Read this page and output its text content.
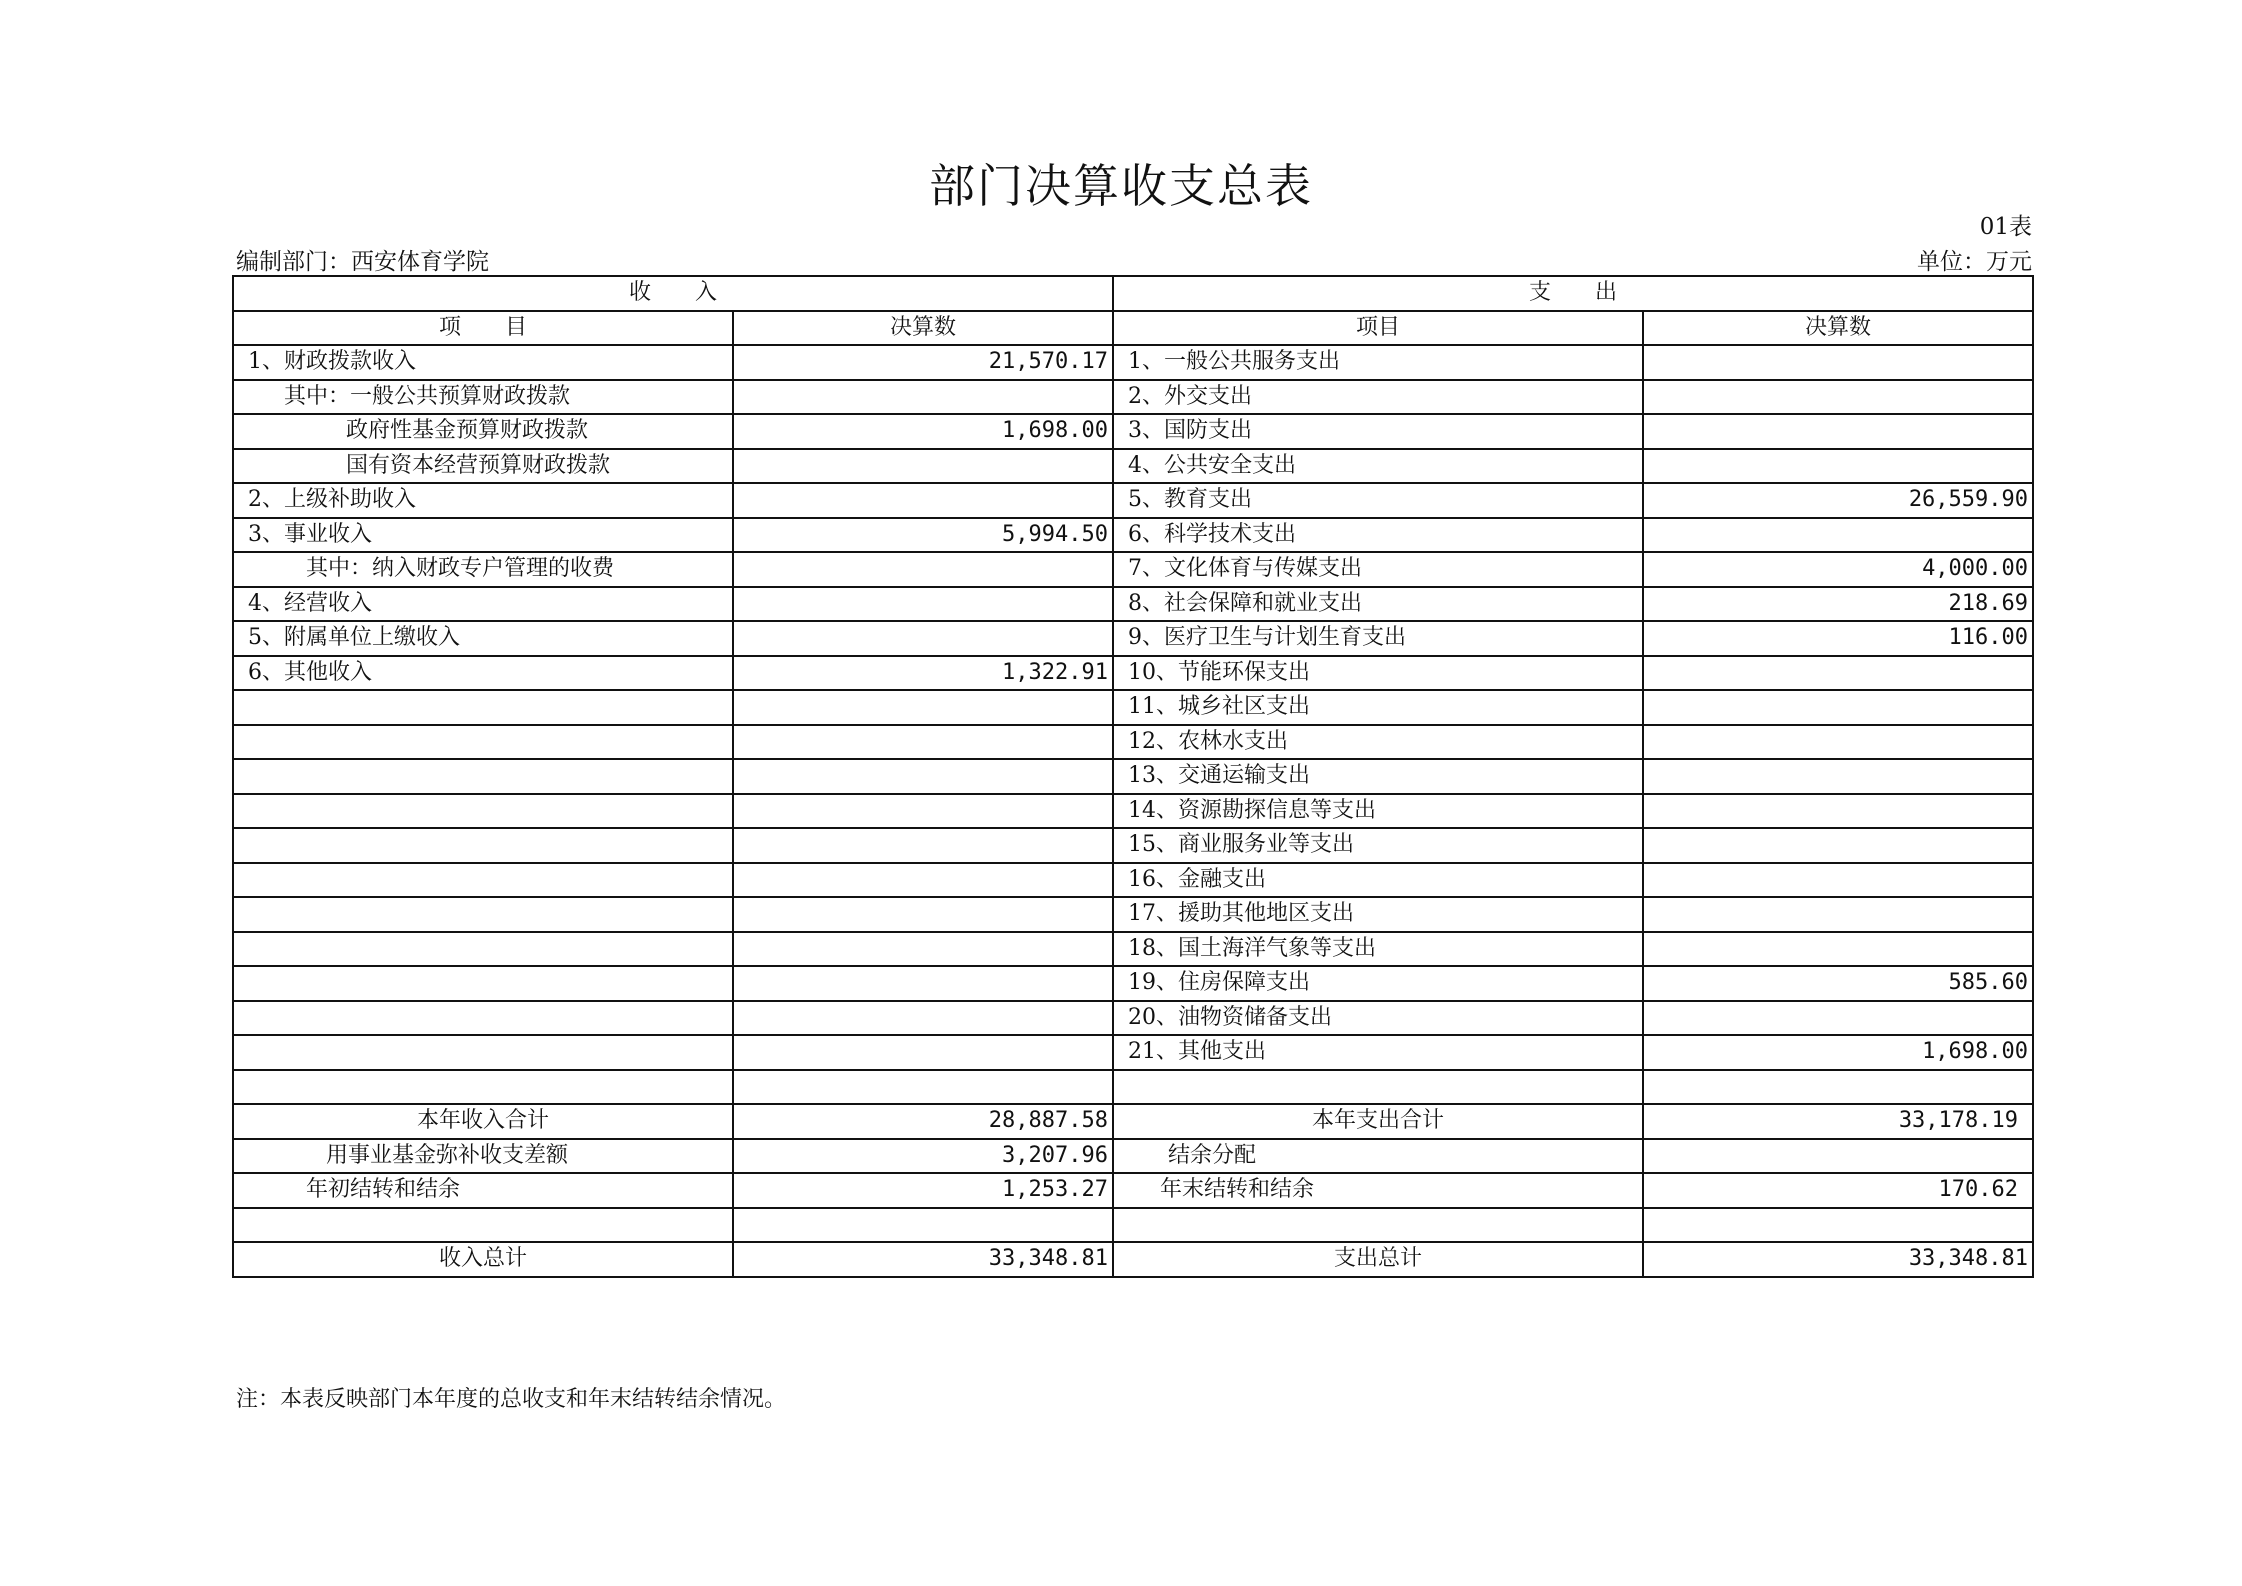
部门决算收支总表
01表
编制部门：西安体育学院	单位：万元
收　　入		支　　出	
项　　目	决算数	项目	决算数
1、财政拨款收入	21,570.17	1、一般公共服务支出	
其中：一般公共预算财政拨款		2、外交支出	
政府性基金预算财政拨款	1,698.00	3、国防支出	
国有资本经营预算财政拨款		4、公共安全支出	
2、上级补助收入		5、教育支出	26,559.90
3、事业收入	5,994.50	6、科学技术支出	
其中：纳入财政专户管理的收费		7、文化体育与传媒支出	4,000.00
4、经营收入		8、社会保障和就业支出	218.69
5、附属单位上缴收入		9、医疗卫生与计划生育支出	116.00
6、其他收入	1,322.91	10、节能环保支出	
		11、城乡社区支出	
		12、农林水支出	
		13、交通运输支出	
		14、资源勘探信息等支出	
		15、商业服务业等支出	
		16、金融支出	
		17、援助其他地区支出	
		18、国土海洋气象等支出	
		19、住房保障支出	585.60
		20、油物资储备支出	
		21、其他支出	1,698.00

本年收入合计	28,887.58	本年支出合计	33,178.19
用事业基金弥补收支差额	3,207.96	结余分配	
年初结转和结余	1,253.27	年末结转和结余	170.62

收入总计	33,348.81	支出总计	33,348.81
注：本表反映部门本年度的总收支和年末结转结余情况。
